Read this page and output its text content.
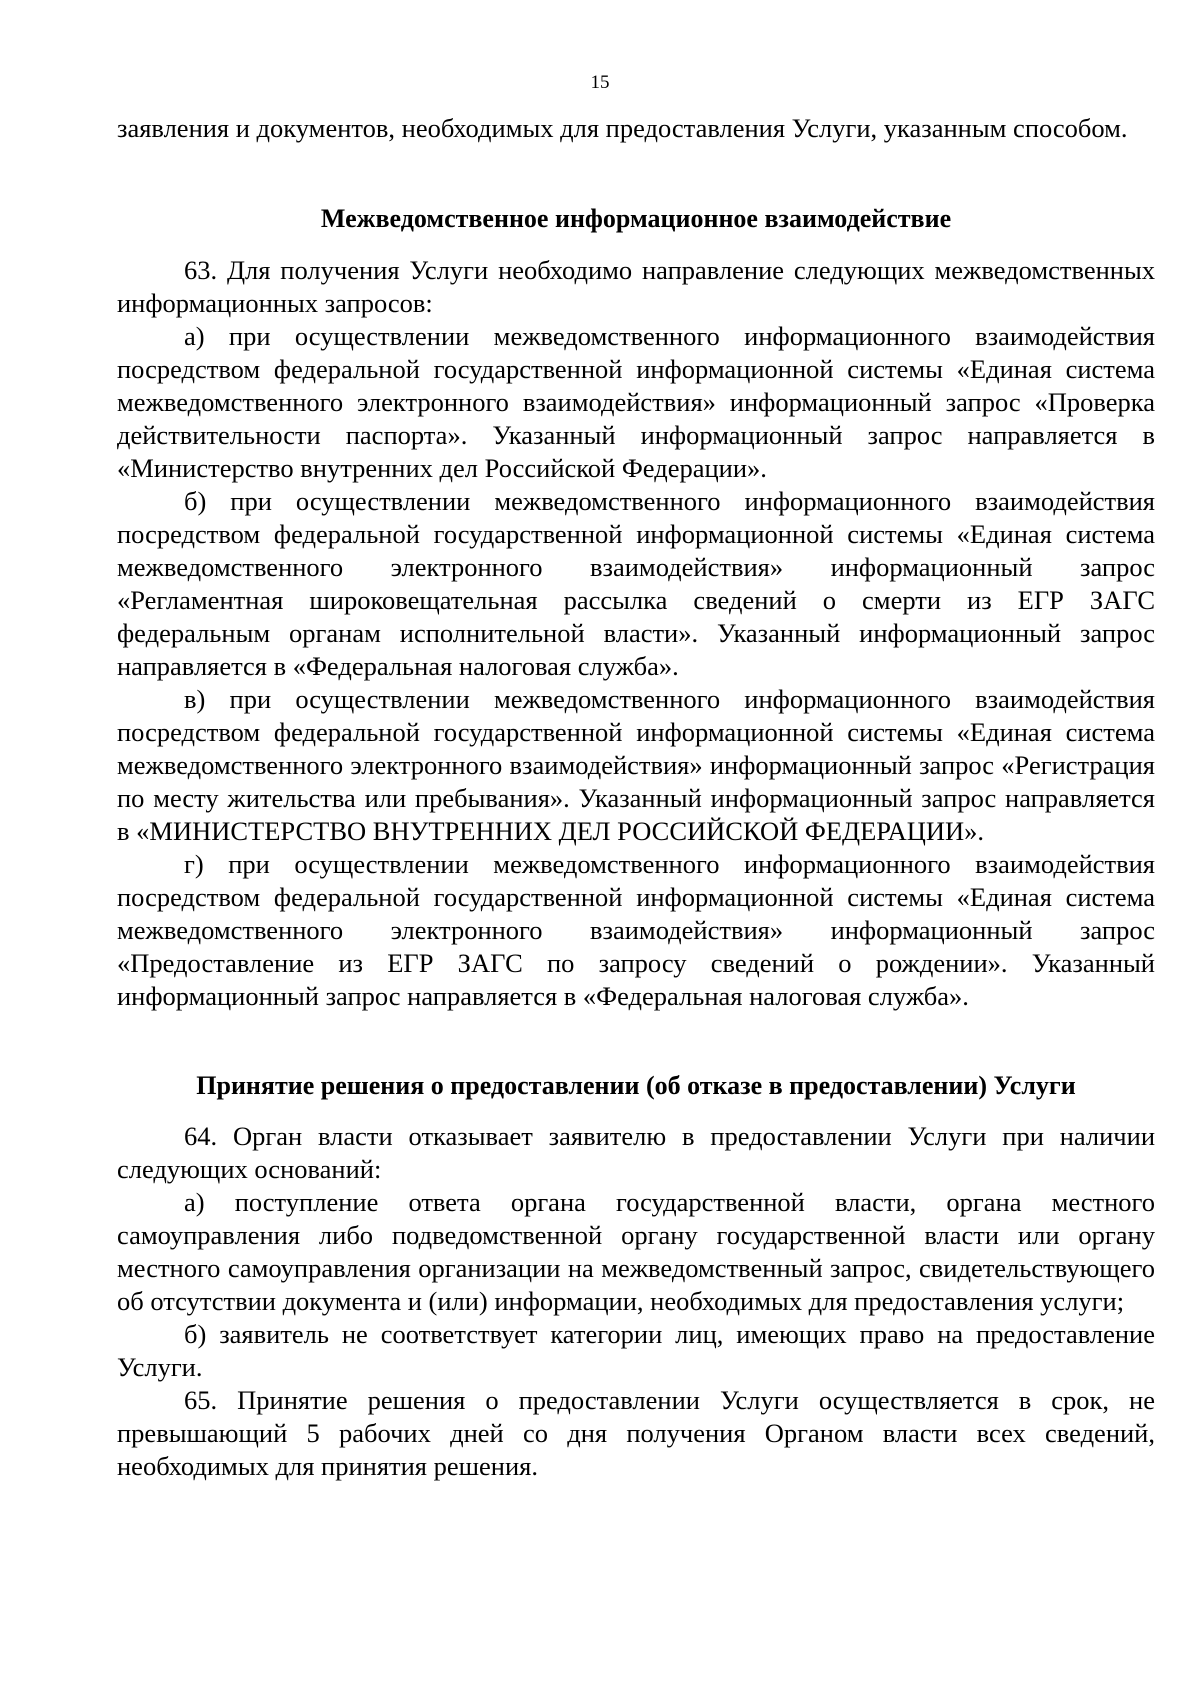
15

заявления и документов, необходимых для предоставления Услуги, указанным способом.

Межведомственное информационное взаимодействие

63. Для получения Услуги необходимо направление следующих межведомственных информационных запросов:

а) при осуществлении межведомственного информационного взаимодействия посредством федеральной государственной информационной системы «Единая система межведомственного электронного взаимодействия» информационный запрос «Проверка действительности паспорта». Указанный информационный запрос направляется в «Министерство внутренних дел Российской Федерации».

б) при осуществлении межведомственного информационного взаимодействия посредством федеральной государственной информационной системы «Единая система межведомственного электронного взаимодействия» информационный запрос «Регламентная широковещательная рассылка сведений о смерти из ЕГР ЗАГС федеральным органам исполнительной власти». Указанный информационный запрос направляется в «Федеральная налоговая служба».

в) при осуществлении межведомственного информационного взаимодействия посредством федеральной государственной информационной системы «Единая система межведомственного электронного взаимодействия» информационный запрос «Регистрация по месту жительства или пребывания». Указанный информационный запрос направляется в «МИНИСТЕРСТВО ВНУТРЕННИХ ДЕЛ РОССИЙСКОЙ ФЕДЕРАЦИИ».

г) при осуществлении межведомственного информационного взаимодействия посредством федеральной государственной информационной системы «Единая система межведомственного электронного взаимодействия» информационный запрос «Предоставление из ЕГР ЗАГС по запросу сведений о рождении». Указанный информационный запрос направляется в «Федеральная налоговая служба».

Принятие решения о предоставлении (об отказе в предоставлении) Услуги

64. Орган власти отказывает заявителю в предоставлении Услуги при наличии следующих оснований:

а) поступление ответа органа государственной власти, органа местного самоуправления либо подведомственной органу государственной власти или органу местного самоуправления организации на межведомственный запрос, свидетельствующего об отсутствии документа и (или) информации, необходимых для предоставления услуги;

б) заявитель не соответствует категории лиц, имеющих право на предоставление Услуги.

65. Принятие решения о предоставлении Услуги осуществляется в срок, не превышающий 5 рабочих дней со дня получения Органом власти всех сведений, необходимых для принятия решения.
